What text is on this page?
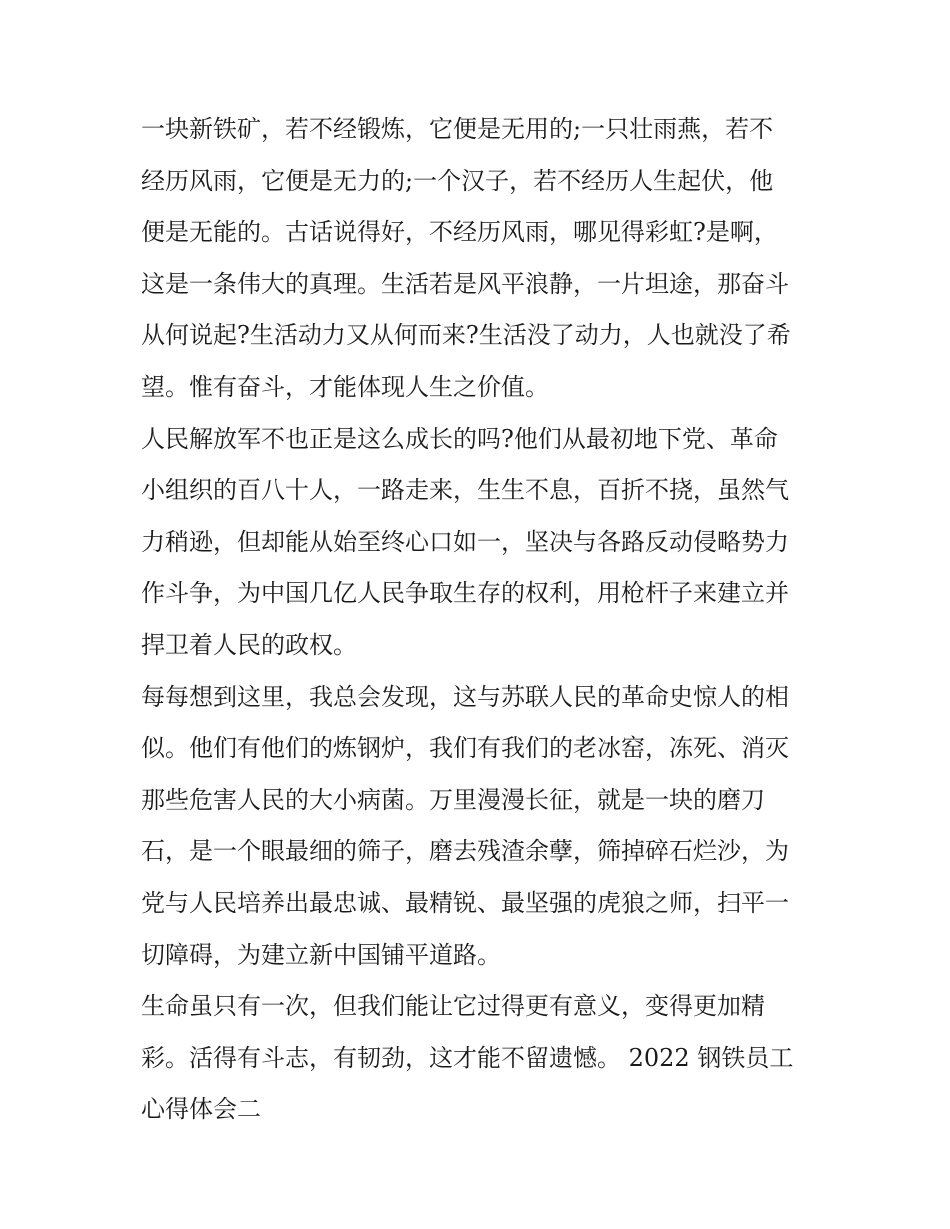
一块新铁矿，若不经锻炼，它便是无用的;一只壮雨燕，若不
经历风雨，它便是无力的;一个汉子，若不经历人生起伏，他
便是无能的。古话说得好，不经历风雨，哪见得彩虹?是啊，
这是一条伟大的真理。生活若是风平浪静，一片坦途，那奋斗
从何说起?生活动力又从何而来?生活没了动力，人也就没了希
望。惟有奋斗，才能体现人生之价值。
人民解放军不也正是这么成长的吗?他们从最初地下党、革命
小组织的百八十人，一路走来，生生不息，百折不挠，虽然气
力稍逊，但却能从始至终心口如一，坚决与各路反动侵略势力
作斗争，为中国几亿人民争取生存的权利，用枪杆子来建立并
捍卫着人民的政权。
每每想到这里，我总会发现，这与苏联人民的革命史惊人的相
似。他们有他们的炼钢炉，我们有我们的老冰窑，冻死、消灭
那些危害人民的大小病菌。万里漫漫长征，就是一块的磨刀
石，是一个眼最细的筛子，磨去残渣余孽，筛掉碎石烂沙，为
党与人民培养出最忠诚、最精锐、最坚强的虎狼之师，扫平一
切障碍，为建立新中国铺平道路。
生命虽只有一次，但我们能让它过得更有意义，变得更加精
彩。活得有斗志，有韧劲，这才能不留遗憾。 2022 钢铁员工
心得体会二
